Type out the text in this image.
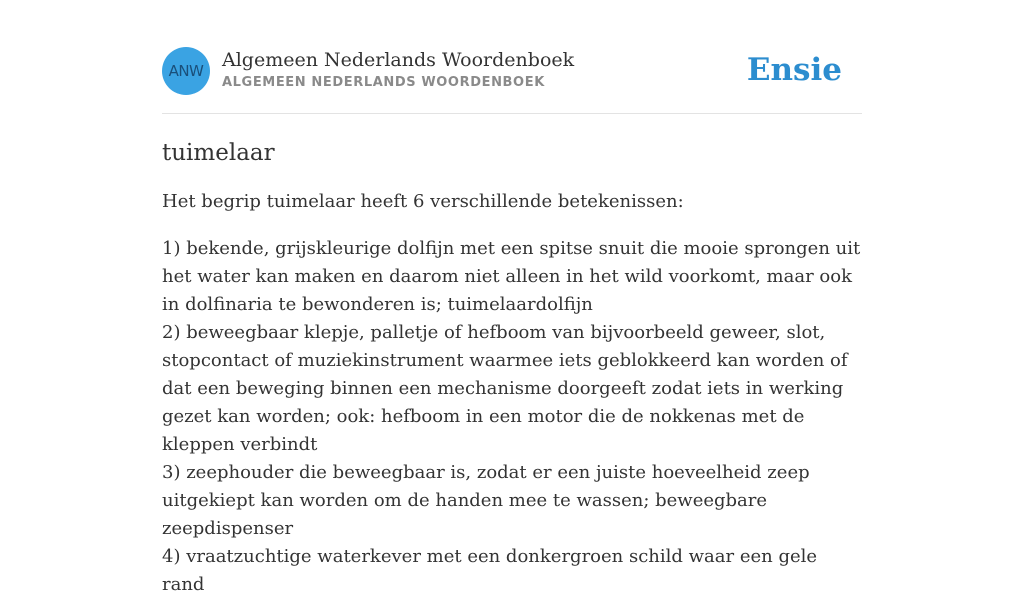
ANW Algemeen Nederlands Woordenboek
ALGEMEEN NEDERLANDS WOORDENBOEK	Ensie
tuimelaar

Het begrip tuimelaar heeft 6 verschillende betekenissen:

1) bekende, grijskleurige dolfijn met een spitse snuit die mooie sprongen uit het water kan maken en daarom niet alleen in het wild voorkomt, maar ook in dolfinaria te bewonderen is; tuimelaardolfijn
2) beweegbaar klepje, palletje of hefboom van bijvoorbeeld geweer, slot, stopcontact of muziekinstrument waarmee iets geblokkeerd kan worden of dat een beweging binnen een mechanisme doorgeeft zodat iets in werking gezet kan worden; ook: hefboom in een motor die de nokkenas met de kleppen verbindt
3) zeephouder die beweegbaar is, zodat er een juiste hoeveelheid zeep uitgekiept kan worden om de handen mee te wassen; beweegbare zeepdispenser
4) vraatzuchtige waterkever met een donkergroen schild waar een gele rand
